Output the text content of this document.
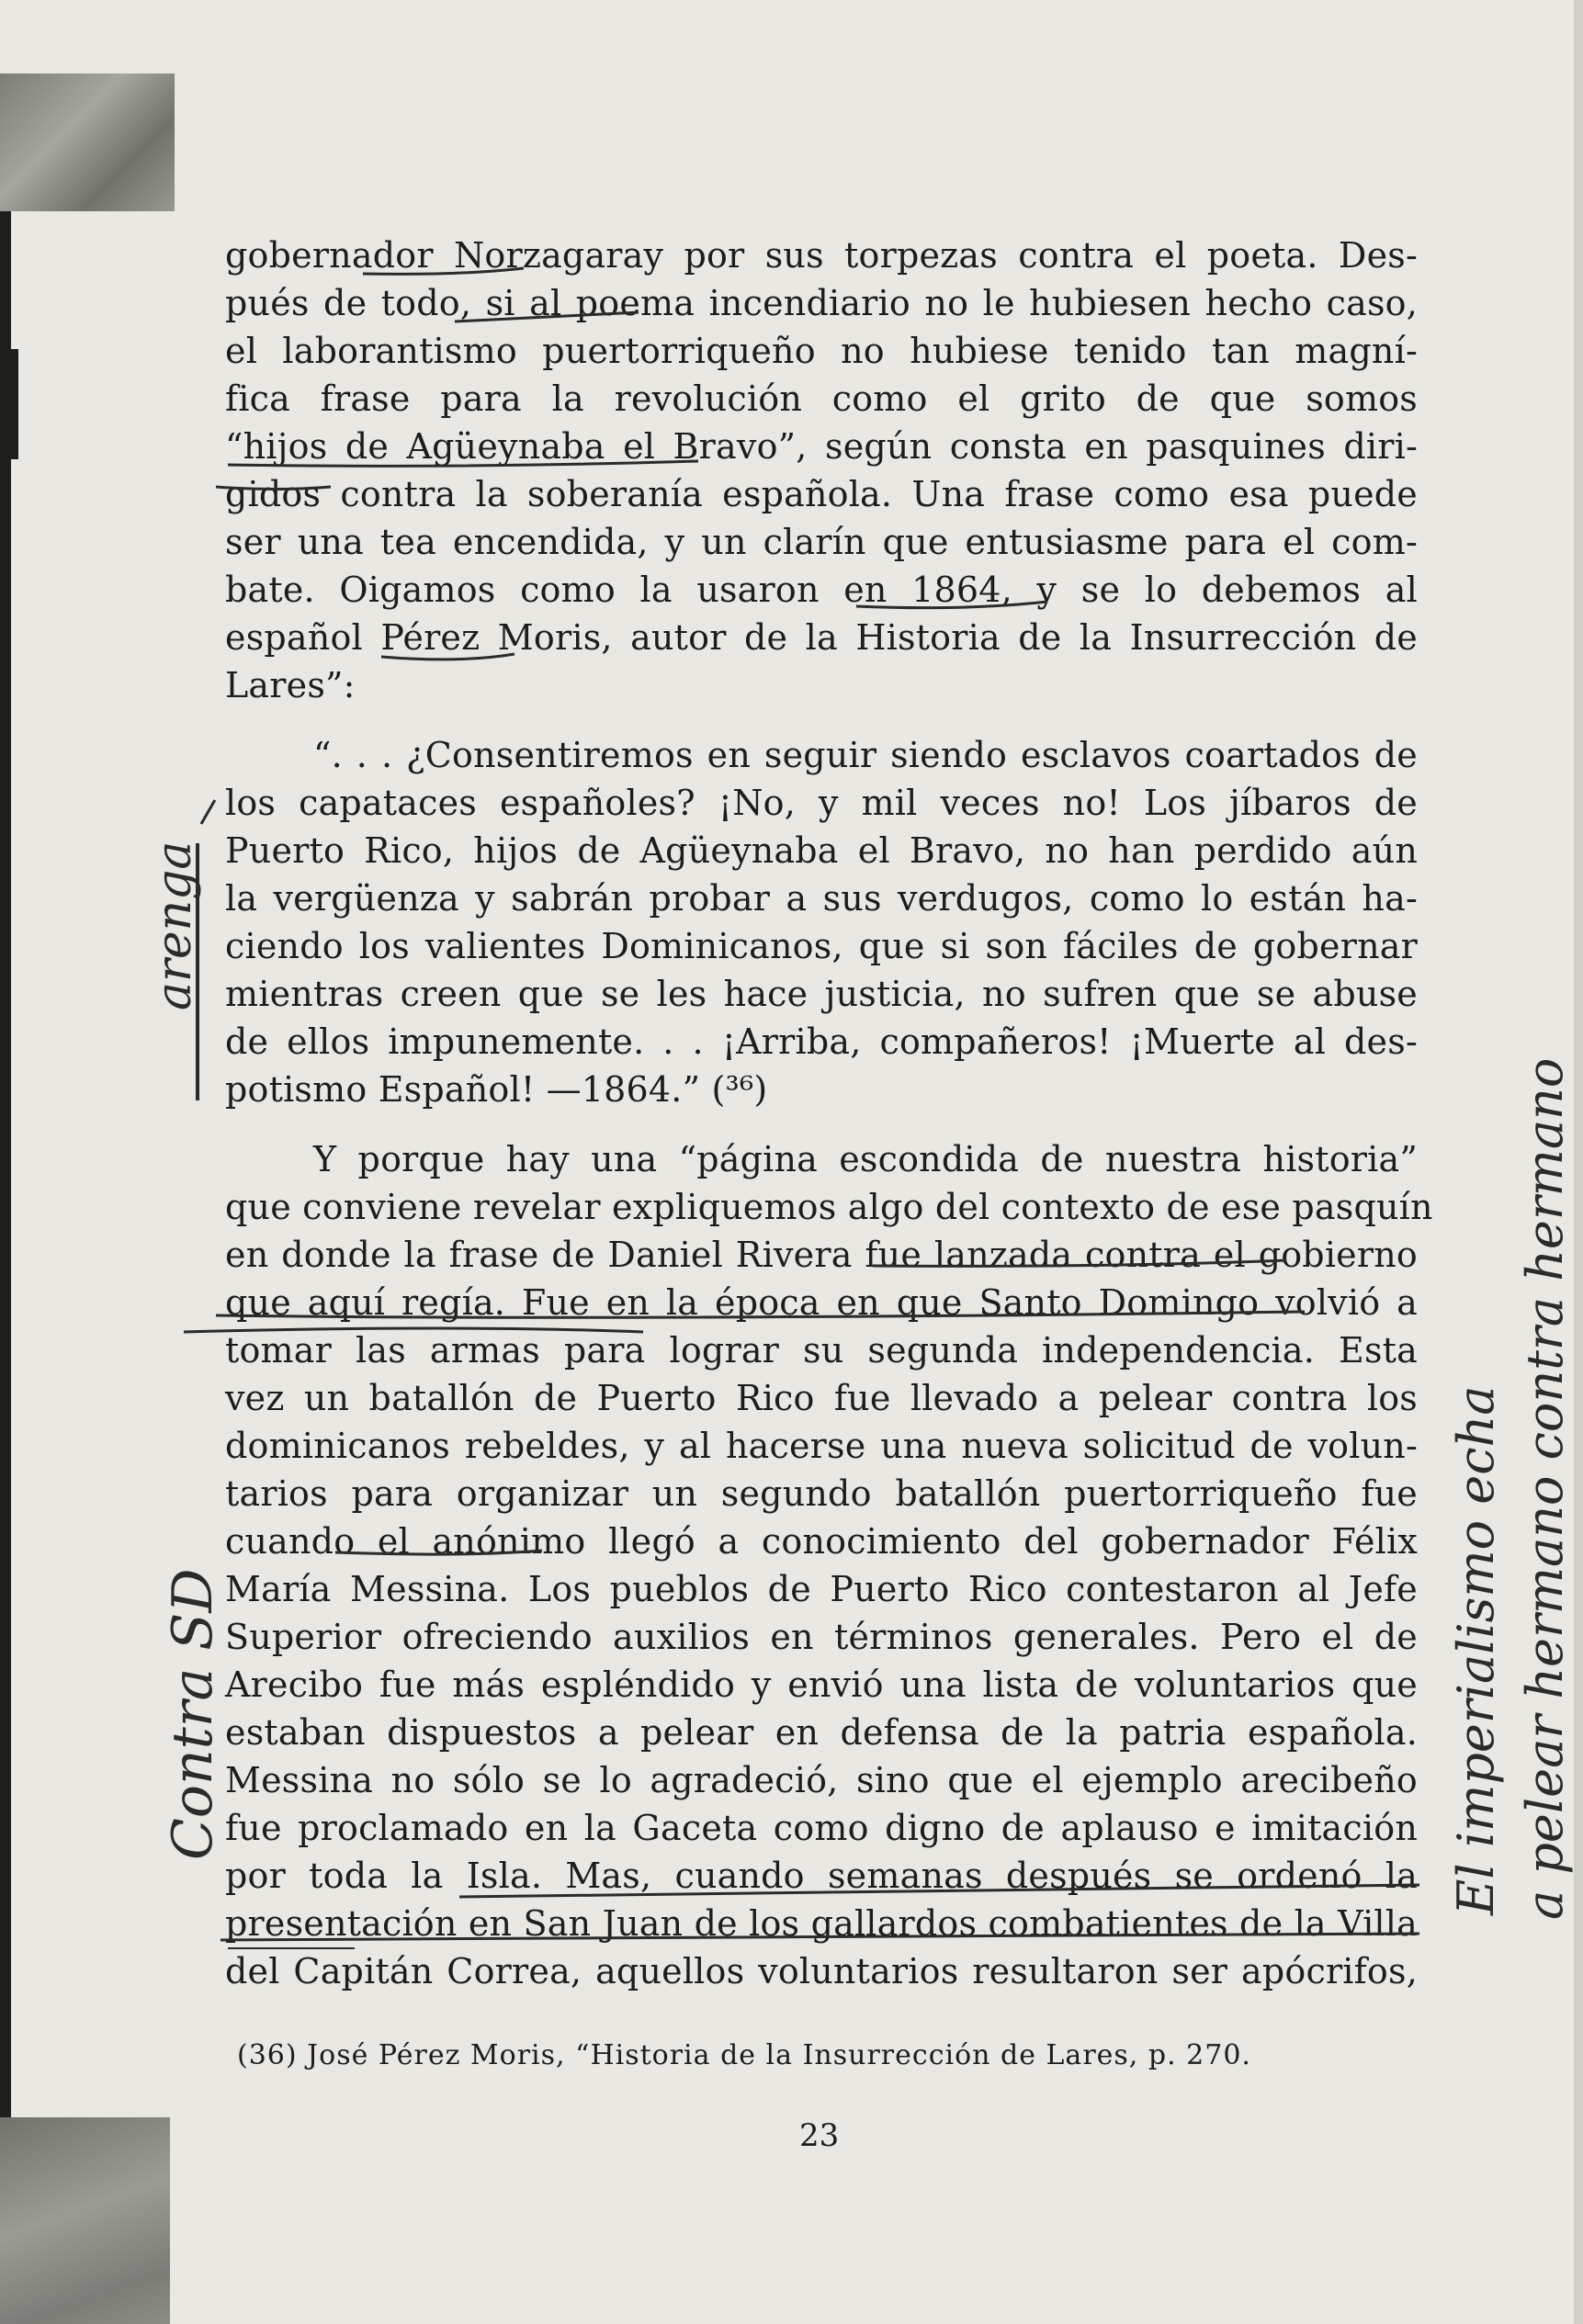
gobernador Norzagaray por sus torpezas contra el poeta. Des-
pués de todo, si al poema incendiario no le hubiesen hecho caso,
el laborantismo puertorriqueño no hubiese tenido tan magní-
fica frase para la revolución como el grito de que somos
“hijos de Agüeynaba el Bravo”, según consta en pasquines diri-
gidos contra la soberanía española. Una frase como esa puede
ser una tea encendida, y un clarín que entusiasme para el com-
bate. Oigamos como la usaron en 1864, y se lo debemos al
español Pérez Moris, autor de la Historia de la Insurrección de
Lares”:
“. . . ¿Consentiremos en seguir siendo esclavos coartados de
los capataces españoles? ¡No, y mil veces no! Los jíbaros de
Puerto Rico, hijos de Agüeynaba el Bravo, no han perdido aún
la vergüenza y sabrán probar a sus verdugos, como lo están ha-
ciendo los valientes Dominicanos, que si son fáciles de gobernar
mientras creen que se les hace justicia, no sufren que se abuse
de ellos impunemente. . . ¡Arriba, compañeros! ¡Muerte al des-
potismo Español! —1864.” (³⁶)
Y porque hay una “página escondida de nuestra historia”
que conviene revelar expliquemos algo del contexto de ese pasquín
en donde la frase de Daniel Rivera fue lanzada contra el gobierno
que aquí regía. Fue en la época en que Santo Domingo volvió a
tomar las armas para lograr su segunda independencia. Esta
vez un batallón de Puerto Rico fue llevado a pelear contra los
dominicanos rebeldes, y al hacerse una nueva solicitud de volun-
tarios para organizar un segundo batallón puertorriqueño fue
cuando el anónimo llegó a conocimiento del gobernador Félix
María Messina. Los pueblos de Puerto Rico contestaron al Jefe
Superior ofreciendo auxilios en términos generales. Pero el de
Arecibo fue más espléndido y envió una lista de voluntarios que
estaban dispuestos a pelear en defensa de la patria española.
Messina no sólo se lo agradeció, sino que el ejemplo arecibeño
fue proclamado en la Gaceta como digno de aplauso e imitación
por toda la Isla. Mas, cuando semanas después se ordenó la
presentación en San Juan de los gallardos combatientes de la Villa
del Capitán Correa, aquellos voluntarios resultaron ser apócrifos,
arenga
Contra SD	El imperialismo echa a pelear hermano contra hermano
(36) José Pérez Moris, “Historia de la Insurrección de Lares, p. 270.
23
